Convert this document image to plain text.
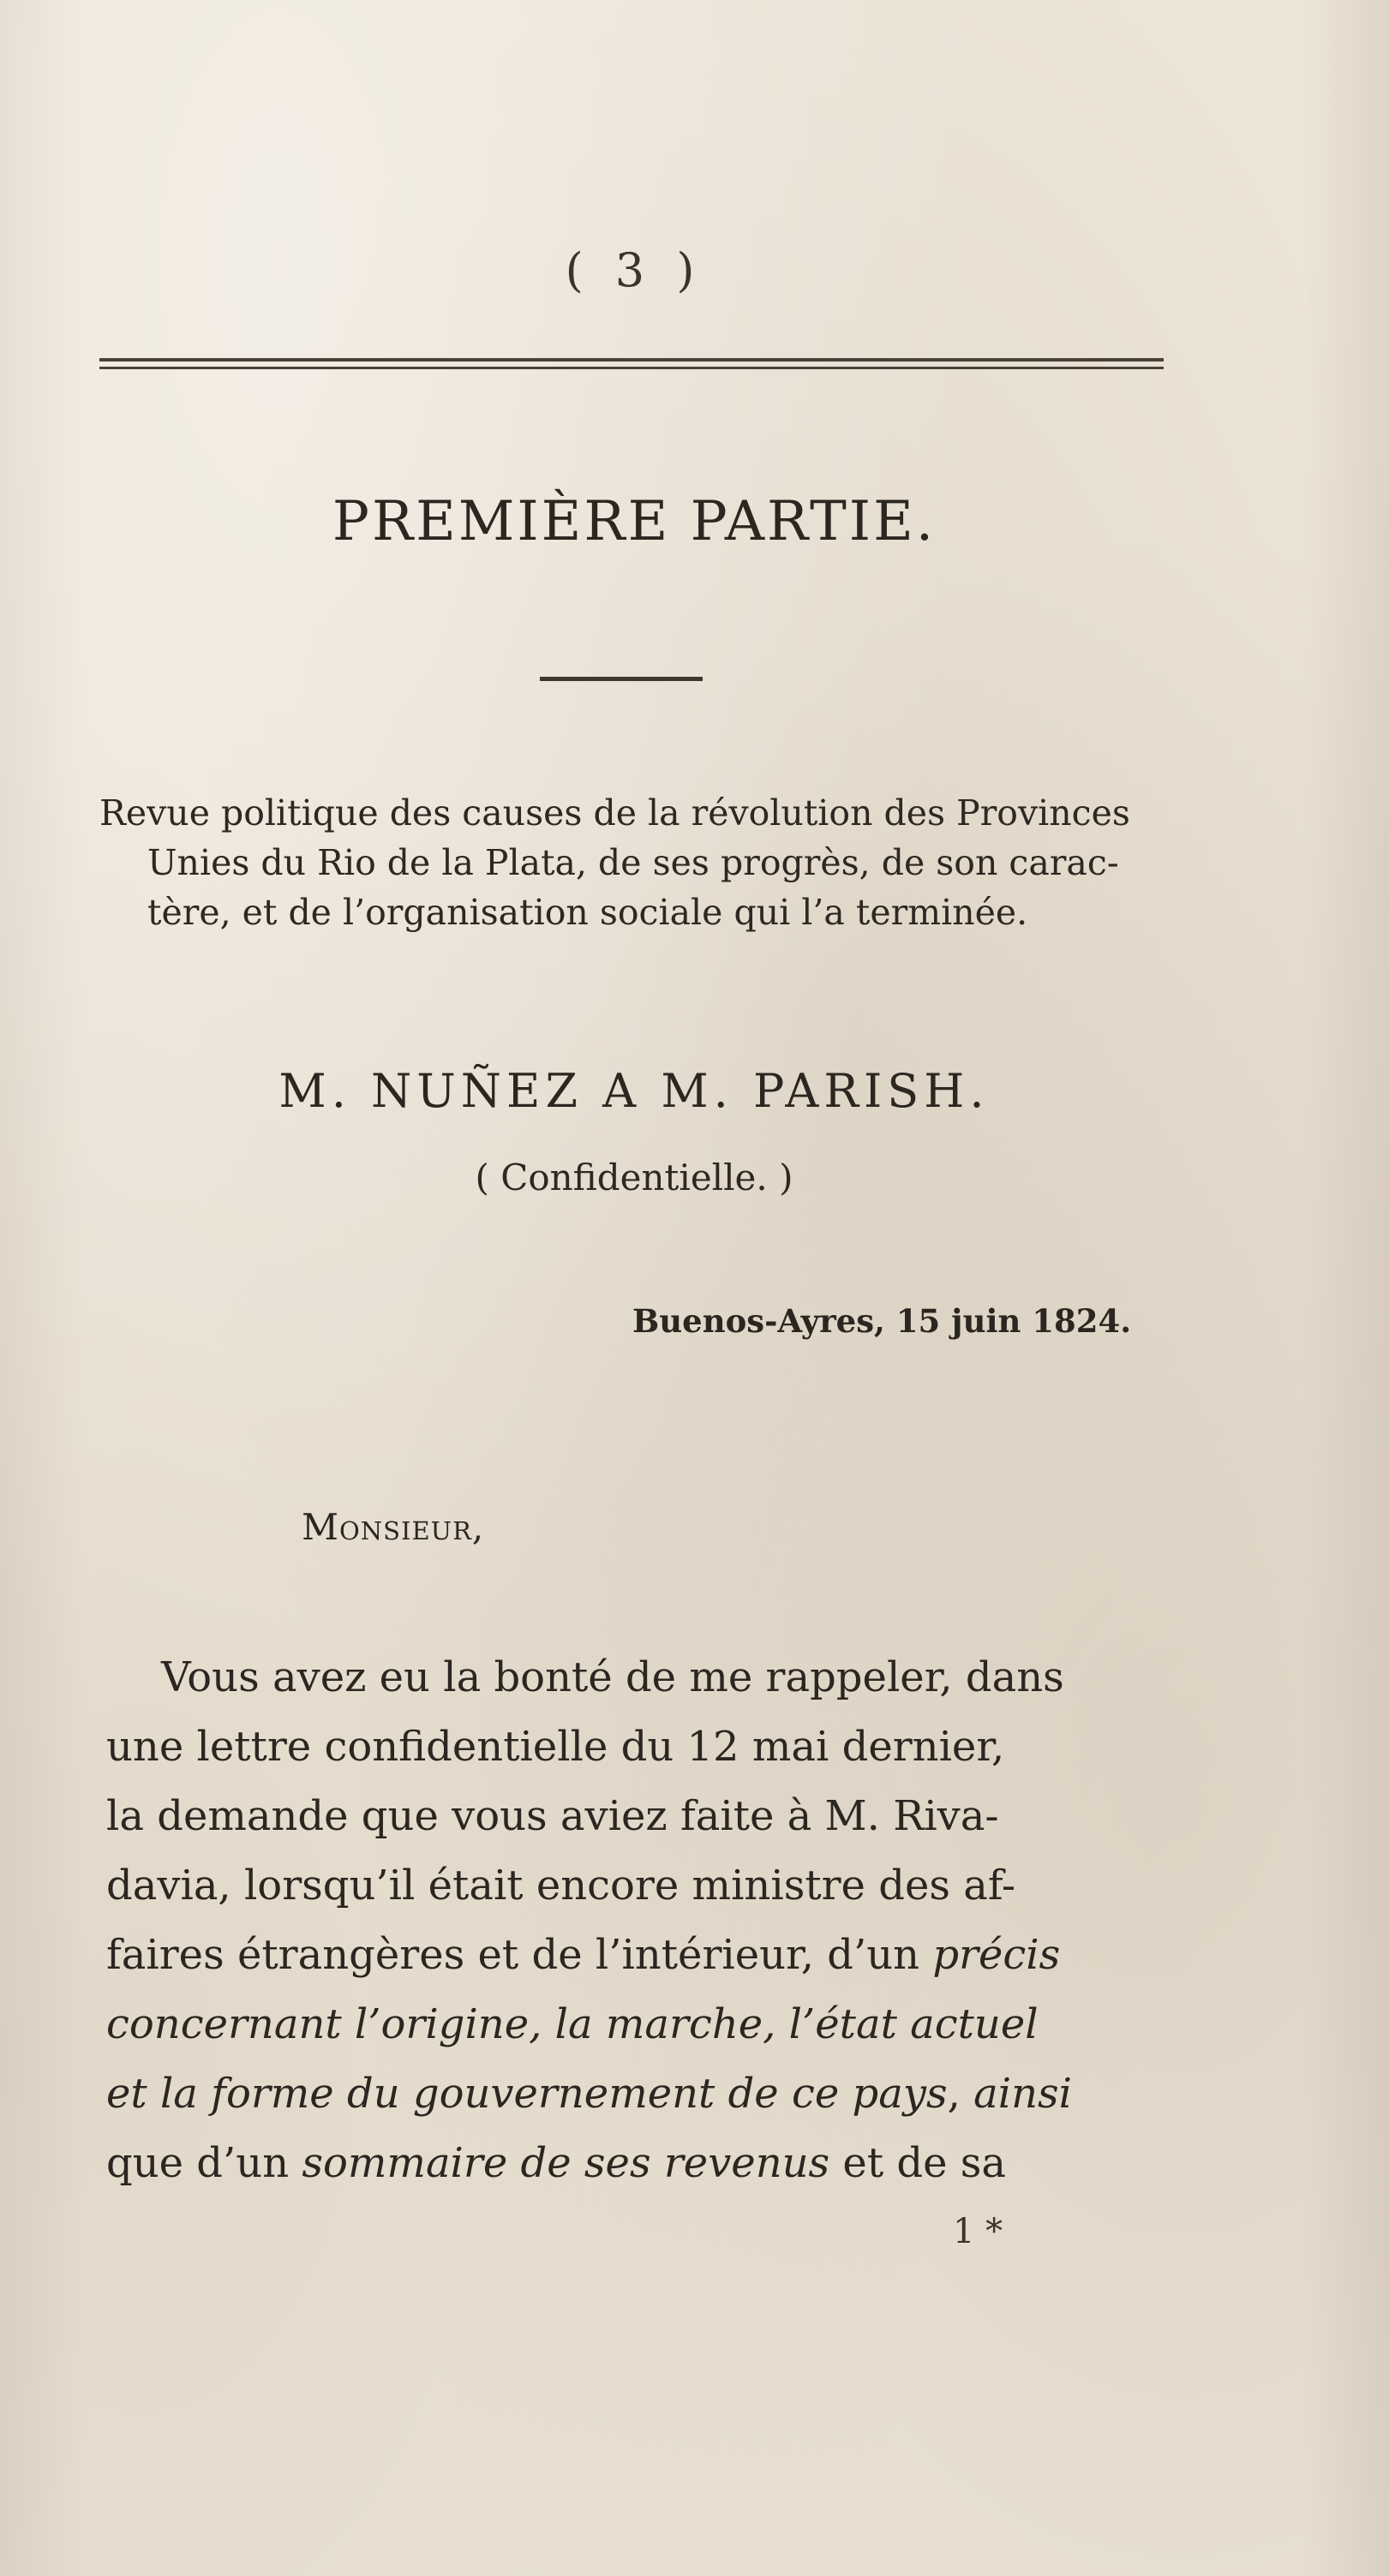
( 3 )
PREMIÈRE PARTIE.
Revue politique des causes de la révolution des Provinces
Unies du Rio de la Plata, de ses progrès, de son carac-
tère, et de l’organisation sociale qui l’a terminée.
M. NUÑEZ A M. PARISH.
( Confidentielle. )
Buenos-Ayres, 15 juin 1824.
Monsieur,
Vous avez eu la bonté de me rappeler, dans
une lettre confidentielle du 12 mai dernier,
la demande que vous aviez faite à M. Riva-
davia, lorsqu’il était encore ministre des af-
faires étrangères et de l’intérieur, d’un précis
concernant l’origine, la marche, l’état actuel
et la forme du gouvernement de ce pays, ainsi
que d’un sommaire de ses revenus et de sa
1 *
